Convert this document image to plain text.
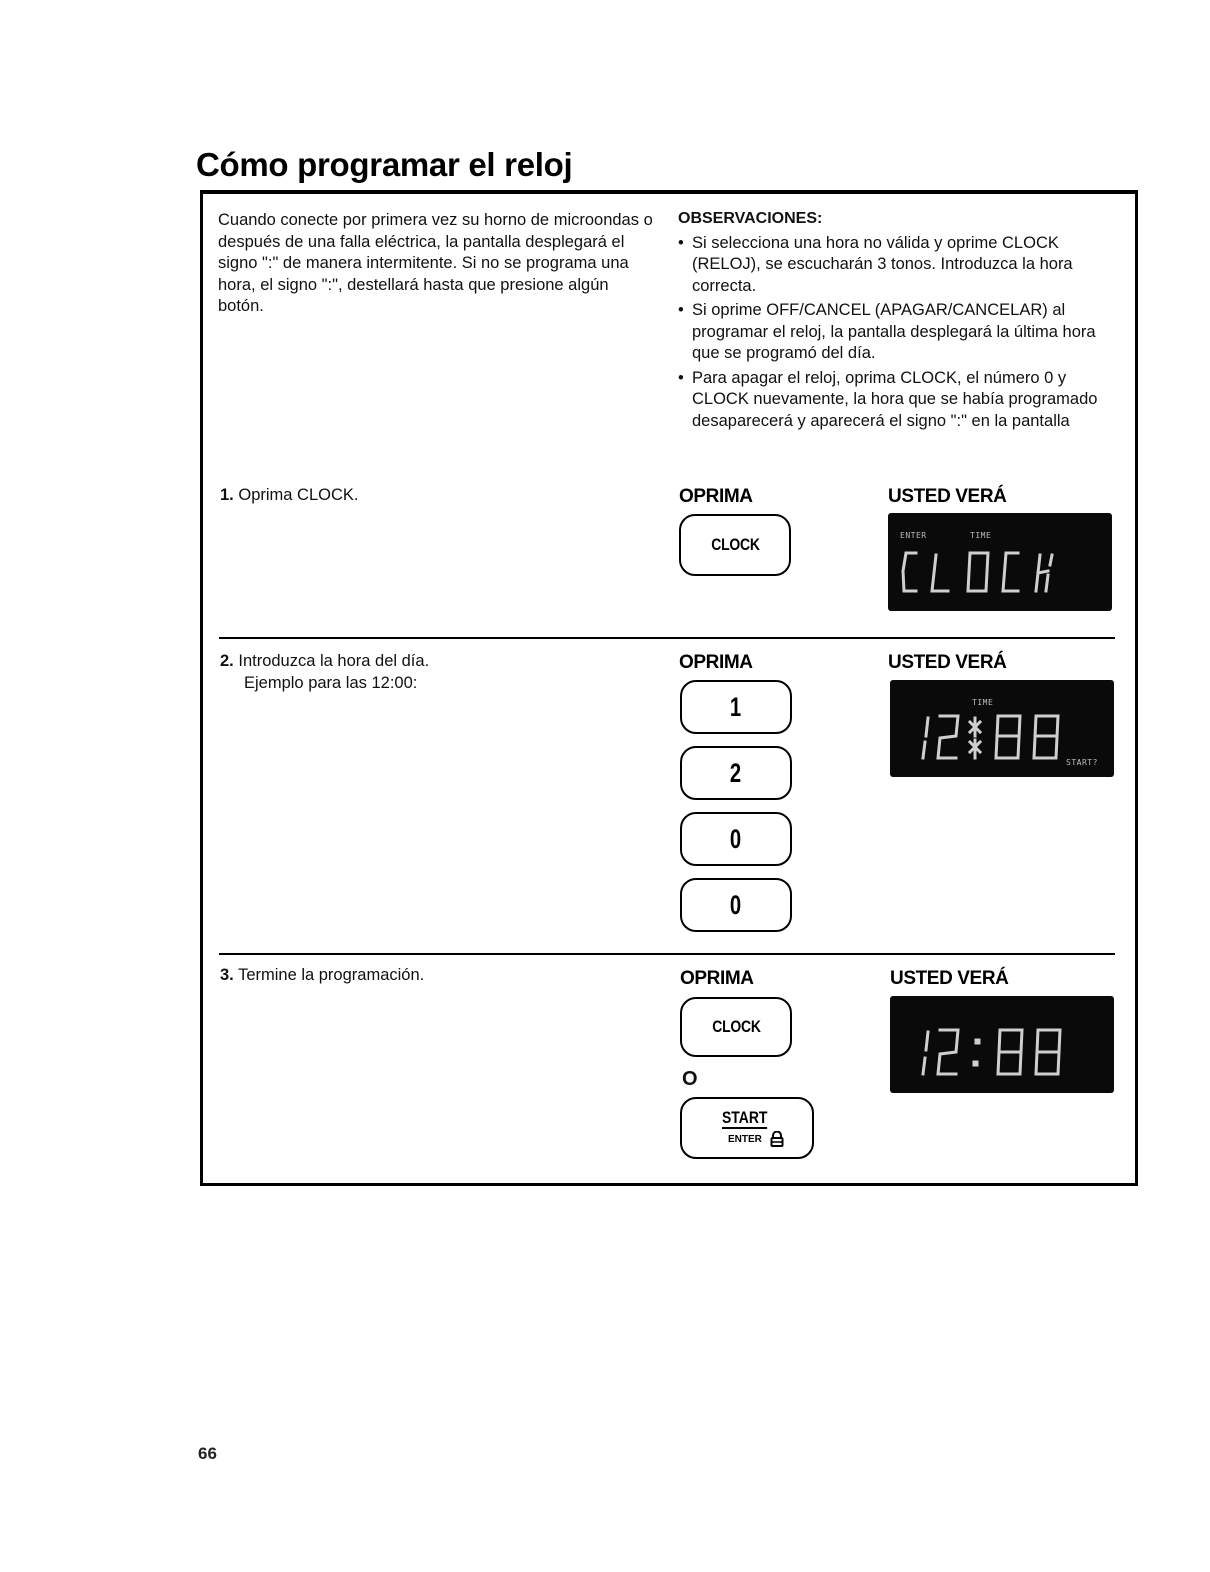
Cómo programar el reloj

Cuando conecte por primera vez su horno de microondas o después de una falla eléctrica, la pantalla desplegará el signo ":" de manera intermitente. Si no se programa una hora, el signo ":", destellará hasta que presione algún botón.

OBSERVACIONES:
• Si selecciona una hora no válida y oprime CLOCK (RELOJ), se escucharán 3 tonos. Introduzca la hora correcta.
• Si oprime OFF/CANCEL (APAGAR/CANCELAR) al programar el reloj, la pantalla desplegará la última hora que se programó del día.
• Para apagar el reloj, oprima CLOCK, el número 0 y CLOCK nuevamente, la hora que se había programado desaparecerá y aparecerá el signo ":" en la pantalla
1. Oprima CLOCK.	OPRIMA	USTED VERÁ
CLOCK	ENTER	TIME
2. Introduzca la hora del día.
Ejemplo para las 12:00:
OPRIMA	USTED VERÁ
1
2
0
0
TIME
START?
3. Termine la programación.	OPRIMA	USTED VERÁ
CLOCK
O
START
ENTER
66
